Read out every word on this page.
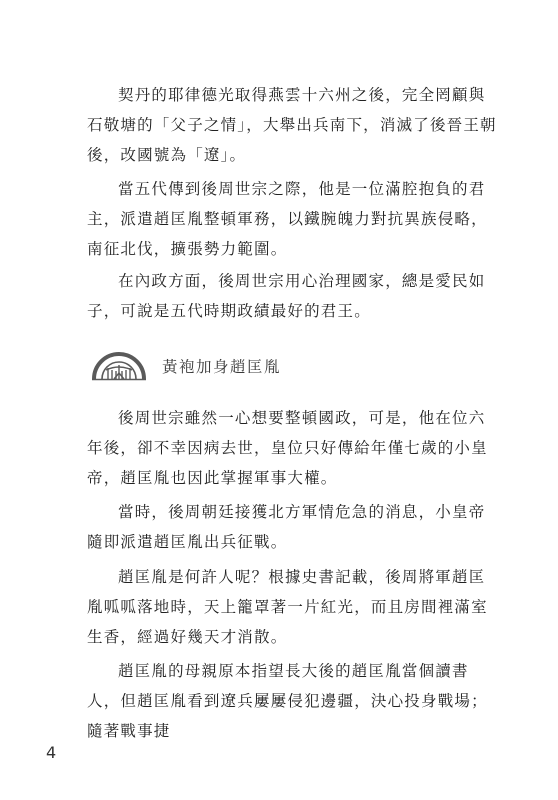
契丹的耶律德光取得燕雲十六州之後，完全罔顧與石敬塘的「父子之情」，大舉出兵南下，消滅了後晉王朝後，改國號為「遼」。

當五代傳到後周世宗之際，他是一位滿腔抱負的君主，派遣趙匡胤整頓軍務，以鐵腕魄力對抗異族侵略，南征北伐，擴張勢力範圍。

在內政方面，後周世宗用心治理國家，總是愛民如子，可說是五代時期政績最好的君王。

黃袍加身趙匡胤

後周世宗雖然一心想要整頓國政，可是，他在位六年後，卻不幸因病去世，皇位只好傳給年僅七歲的小皇帝，趙匡胤也因此掌握軍事大權。

當時，後周朝廷接獲北方軍情危急的消息，小皇帝隨即派遣趙匡胤出兵征戰。

趙匡胤是何許人呢？根據史書記載，後周將軍趙匡胤呱呱落地時，天上籠罩著一片紅光，而且房間裡滿室生香，經過好幾天才消散。

趙匡胤的母親原本指望長大後的趙匡胤當個讀書人，但趙匡胤看到遼兵屢屢侵犯邊疆，決心投身戰場；隨著戰事捷

4
